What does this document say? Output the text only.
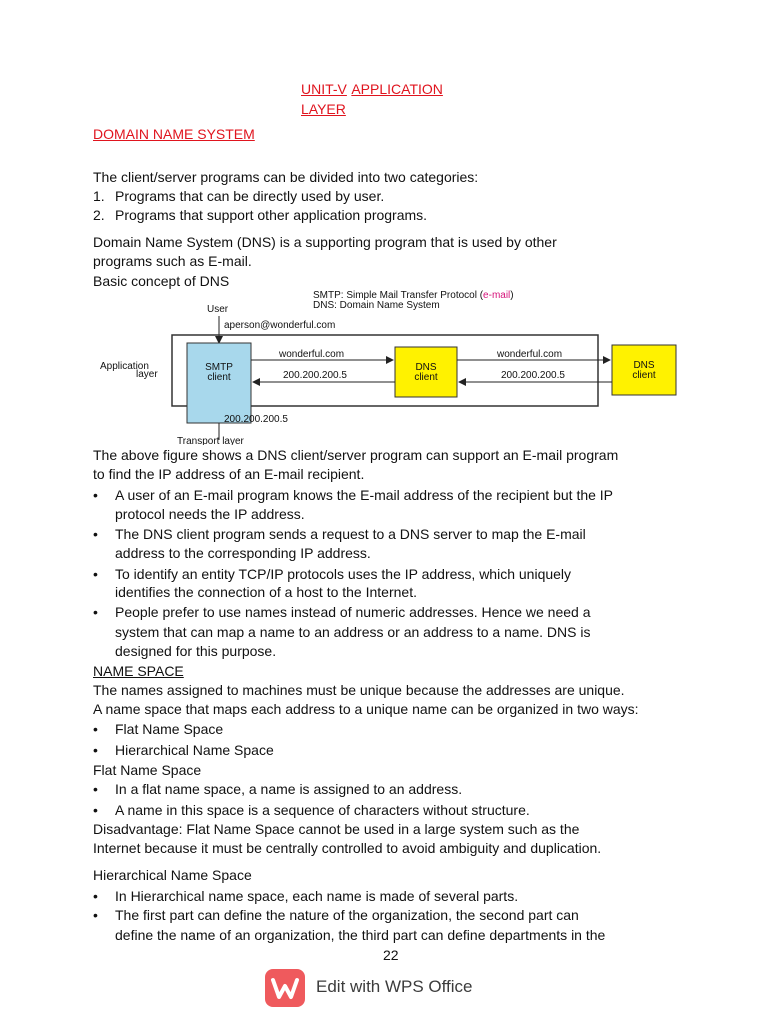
UNIT-V APPLICATION
LAYER
DOMAIN NAME SYSTEM
The client/server programs can be divided into two categories:
1. Programs that can be directly used by user.
2. Programs that support other application programs.
Domain Name System (DNS) is a supporting program that is used by other
programs such as E-mail.
Basic concept of DNS
SMTP: Simple Mail Transfer Protocol (e-mail)
DNS: Domain Name System
User
aperson@wonderful.com
Application
layer
SMTP
client
DNS
client
DNS
client
wonderful.com
200.200.200.5
wonderful.com
200.200.200.5
200.200.200.5
Transport layer
The above figure shows a DNS client/server program can support an E-mail program
to find the IP address of an E-mail recipient.
• A user of an E-mail program knows the E-mail address of the recipient but the IP
protocol needs the IP address.
• The DNS client program sends a request to a DNS server to map the E-mail
address to the corresponding IP address.
• To identify an entity TCP/IP protocols uses the IP address, which uniquely
identifies the connection of a host to the Internet.
• People prefer to use names instead of numeric addresses. Hence we need a
system that can map a name to an address or an address to a name. DNS is
designed for this purpose.
NAME SPACE
The names assigned to machines must be unique because the addresses are unique.
A name space that maps each address to a unique name can be organized in two ways:
• Flat Name Space
• Hierarchical Name Space
Flat Name Space
• In a flat name space, a name is assigned to an address.
• A name in this space is a sequence of characters without structure.
Disadvantage: Flat Name Space cannot be used in a large system such as the
Internet because it must be centrally controlled to avoid ambiguity and duplication.
Hierarchical Name Space
• In Hierarchical name space, each name is made of several parts.
• The first part can define the nature of the organization, the second part can
define the name of an organization, the third part can define departments in the
22
Edit with WPS Office
